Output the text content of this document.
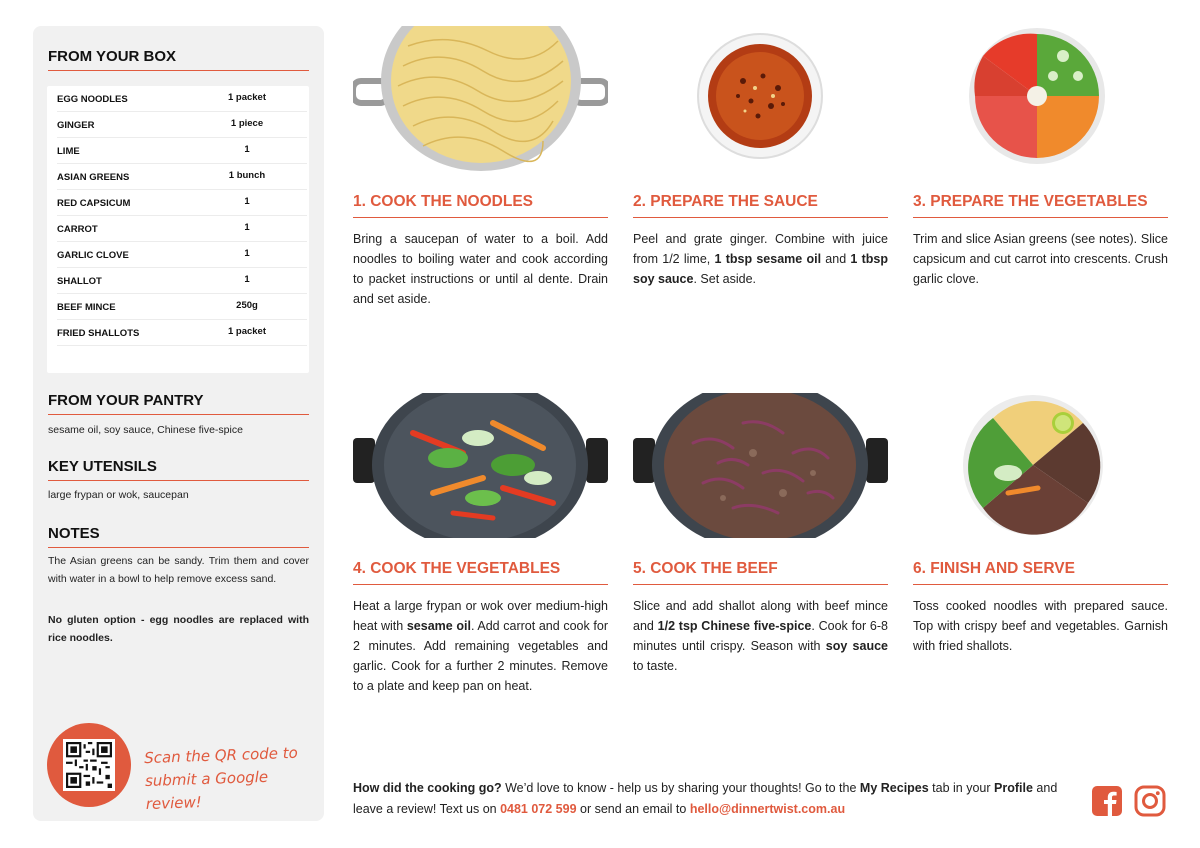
FROM YOUR BOX
EGG NOODLES	1 packet
GINGER	1 piece
LIME	1
ASIAN GREENS	1 bunch
RED CAPSICUM	1
CARROT	1
GARLIC CLOVE	1
SHALLOT	1
BEEF MINCE	250g
FRIED SHALLOTS	1 packet
FROM YOUR PANTRY
sesame oil, soy sauce, Chinese five-spice
KEY UTENSILS
large frypan or wok, saucepan
NOTES
The Asian greens can be sandy. Trim them and cover with water in a bowl to help remove excess sand.
No gluten option - egg noodles are replaced with rice noodles.
Scan the QR code to submit a Google review!
1. COOK THE NOODLES
Bring a saucepan of water to a boil. Add noodles to boiling water and cook according to packet instructions or until al dente. Drain and set aside.
2. PREPARE THE SAUCE
Peel and grate ginger. Combine with juice from 1/2 lime, 1 tbsp sesame oil and 1 tbsp soy sauce. Set aside.
3. PREPARE THE VEGETABLES
Trim and slice Asian greens (see notes). Slice capsicum and cut carrot into crescents. Crush garlic clove.
4. COOK THE VEGETABLES
Heat a large frypan or wok over medium-high heat with sesame oil. Add carrot and cook for 2 minutes. Add remaining vegetables and garlic. Cook for a further 2 minutes. Remove to a plate and keep pan on heat.
5. COOK THE BEEF
Slice and add shallot along with beef mince and 1/2 tsp Chinese five-spice. Cook for 6-8 minutes until crispy. Season with soy sauce to taste.
6. FINISH AND SERVE
Toss cooked noodles with prepared sauce. Top with crispy beef and vegetables. Garnish with fried shallots.
How did the cooking go? We’d love to know - help us by sharing your thoughts! Go to the My Recipes tab in your Profile and leave a review! Text us on 0481 072 599 or send an email to hello@dinnertwist.com.au
